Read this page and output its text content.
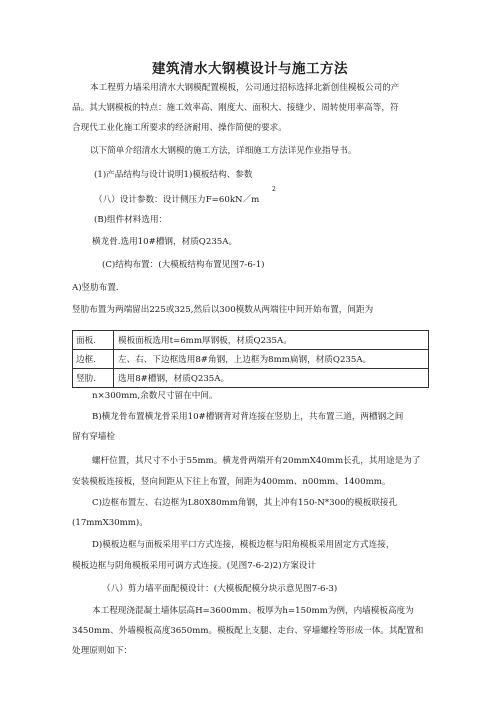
建筑清水大钢模设计与施工方法
本工程剪力墙采用清水大钢模配置模板，公司通过招标选择北新创佳模板公司的产
品。其大钢模板的特点：施工效率高、刚度大、面积大、接缝少、周转使用率高等，符
合现代工业化施工所要求的经济耐用、操作简便的要求。
以下简单介绍清水大钢模的施工方法，详细施工方法详见作业指导书。
(1)产品结构与设计说明1)模板结构、参数
（八）设计参数：设计侧压力F=60kN／m
2
(B)组件材料选用：
横龙骨.选用10#槽钢，材质Q235A。
(C)结构布置：(大模板结构布置见图7-6-1)
A)竖肋布置.
竖肋布置为两端留出225或325,然后以300模数从两端往中间开始布置，间距为
面板.	模板面板选用t=6mm厚钢板，材质Q235A。
边框.	左、右、下边框选用8#角钢，上边框为8mm扁钢，材质Q235A。
竖肋.	选用8#槽钢，材质Q235A。
n×300mm,余数尺寸留在中间。
B)横龙骨布置横龙骨采用10#槽钢背对背连接在竖肋上，共布置三道，两槽钢之间
留有穿墙栓
螺杆位置，其尺寸不小于55mm。横龙骨两端开有20mmX40mm长孔，其用途是为了
安装模板连接板，竖向间距从下往上布置，间距为400mm、n00mm、1400mm。
C)边框布置左、右边框为L80X80mm角钢，其上冲有150-N*300的模板联接孔
(17mmX30mm)。
D)模板边框与面板采用平口方式连接，模板边框与阳角模板采用固定方式连接，
模板边框与阴角模板采用可调方式连接。(见图7-6-2)2)方案设计
（八）剪力墙平面配模设计：(大模板配模分块示意见图7-6-3)
本工程现浇混凝土墙体层高H=3600mm、板厚为h=150mm为例，内墙模板高度为
3450mm、外墙模板高度3650mm。模板配上支腿、走台、穿墙螺栓等形成一体。其配置和
处理原则如下：
